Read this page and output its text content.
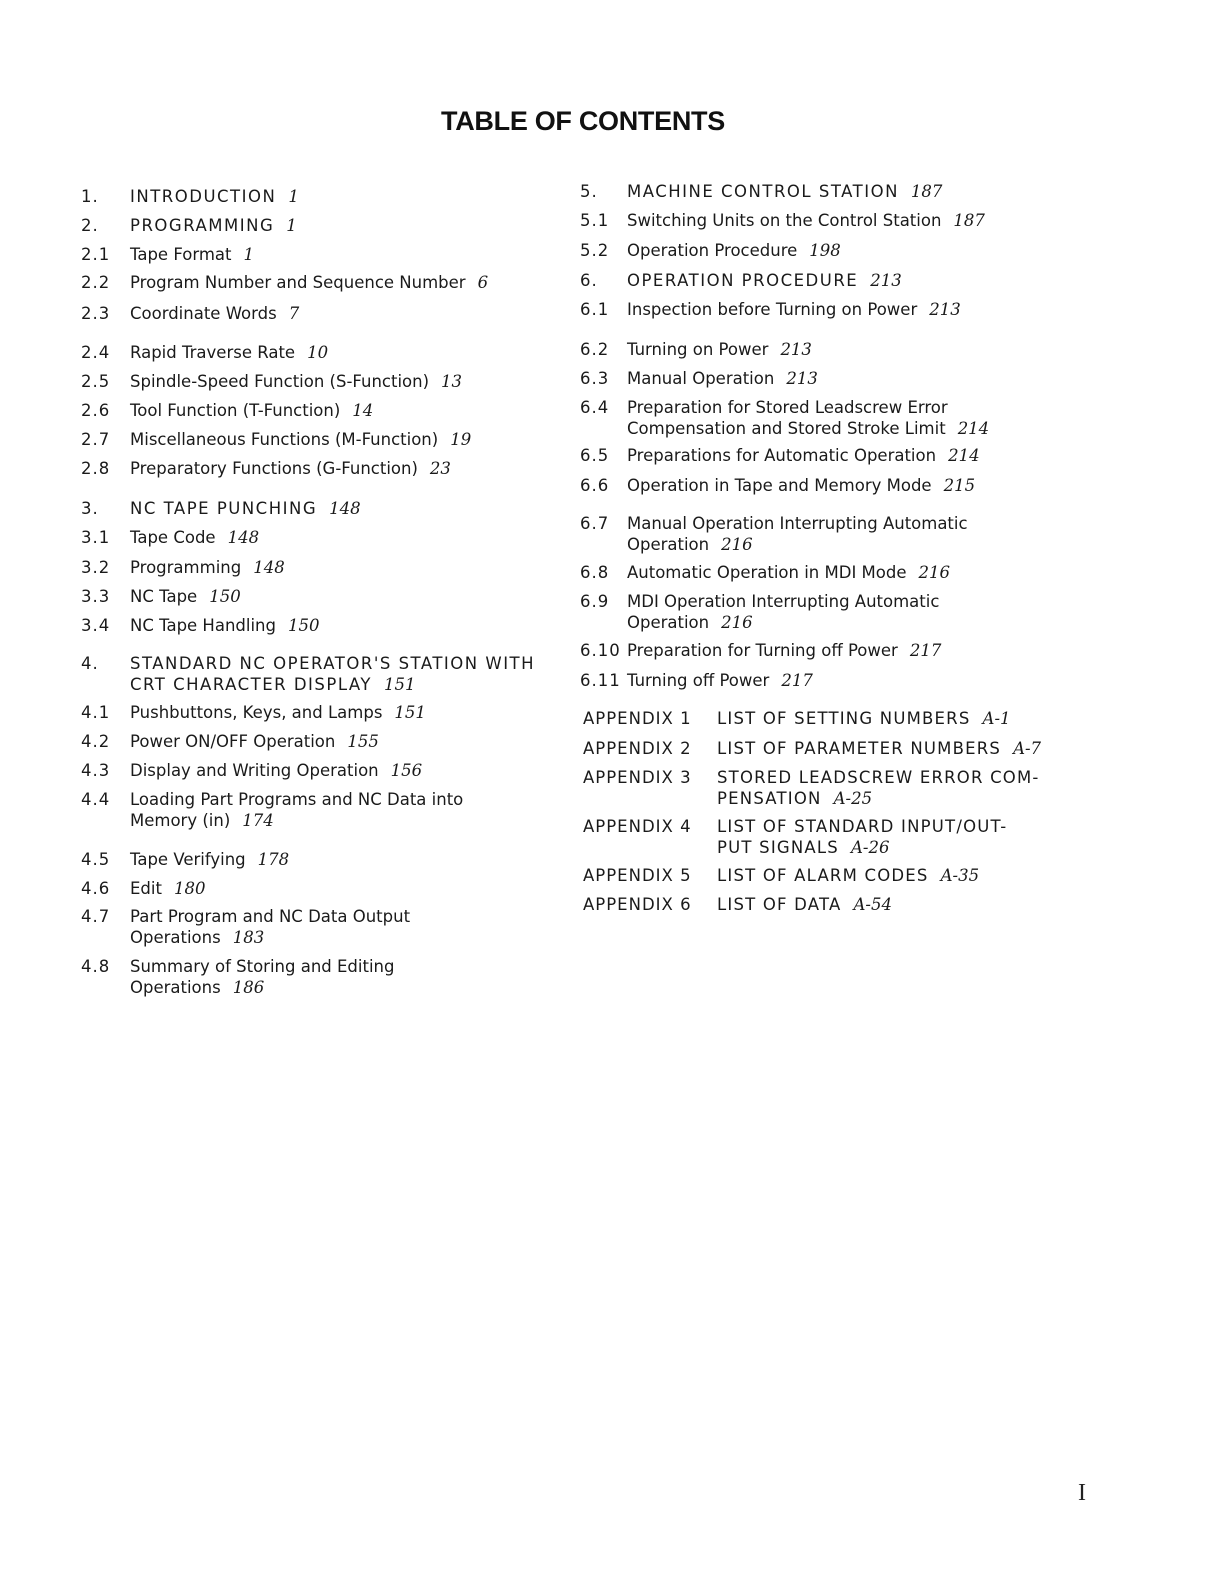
TABLE OF CONTENTS
1. INTRODUCTION 1
2. PROGRAMMING 1
2.1 Tape Format 1
2.2 Program Number and Sequence Number 6
2.3 Coordinate Words 7
2.4 Rapid Traverse Rate 10
2.5 Spindle-Speed Function (S-Function) 13
2.6 Tool Function (T-Function) 14
2.7 Miscellaneous Functions (M-Function) 19
2.8 Preparatory Functions (G-Function) 23
3. NC TAPE PUNCHING 148
3.1 Tape Code 148
3.2 Programming 148
3.3 NC Tape 150
3.4 NC Tape Handling 150
4. STANDARD NC OPERATOR'S STATION WITH
CRT CHARACTER DISPLAY 151
4.1 Pushbuttons, Keys, and Lamps 151
4.2 Power ON/OFF Operation 155
4.3 Display and Writing Operation 156
4.4 Loading Part Programs and NC Data into
Memory (in) 174
4.5 Tape Verifying 178
4.6 Edit 180
4.7 Part Program and NC Data Output
Operations 183
4.8 Summary of Storing and Editing
Operations 186
5. MACHINE CONTROL STATION 187
5.1 Switching Units on the Control Station 187
5.2 Operation Procedure 198
6. OPERATION PROCEDURE 213
6.1 Inspection before Turning on Power 213
6.2 Turning on Power 213
6.3 Manual Operation 213
6.4 Preparation for Stored Leadscrew Error
Compensation and Stored Stroke Limit 214
6.5 Preparations for Automatic Operation 214
6.6 Operation in Tape and Memory Mode 215
6.7 Manual Operation Interrupting Automatic
Operation 216
6.8 Automatic Operation in MDI Mode 216
6.9 MDI Operation Interrupting Automatic
Operation 216
6.10 Preparation for Turning off Power 217
6.11 Turning off Power 217
APPENDIX 1 LIST OF SETTING NUMBERS A-1
APPENDIX 2 LIST OF PARAMETER NUMBERS A-7
APPENDIX 3 STORED LEADSCREW ERROR COM-
PENSATION A-25
APPENDIX 4 LIST OF STANDARD INPUT/OUT-
PUT SIGNALS A-26
APPENDIX 5 LIST OF ALARM CODES A-35
APPENDIX 6 LIST OF DATA A-54
I
